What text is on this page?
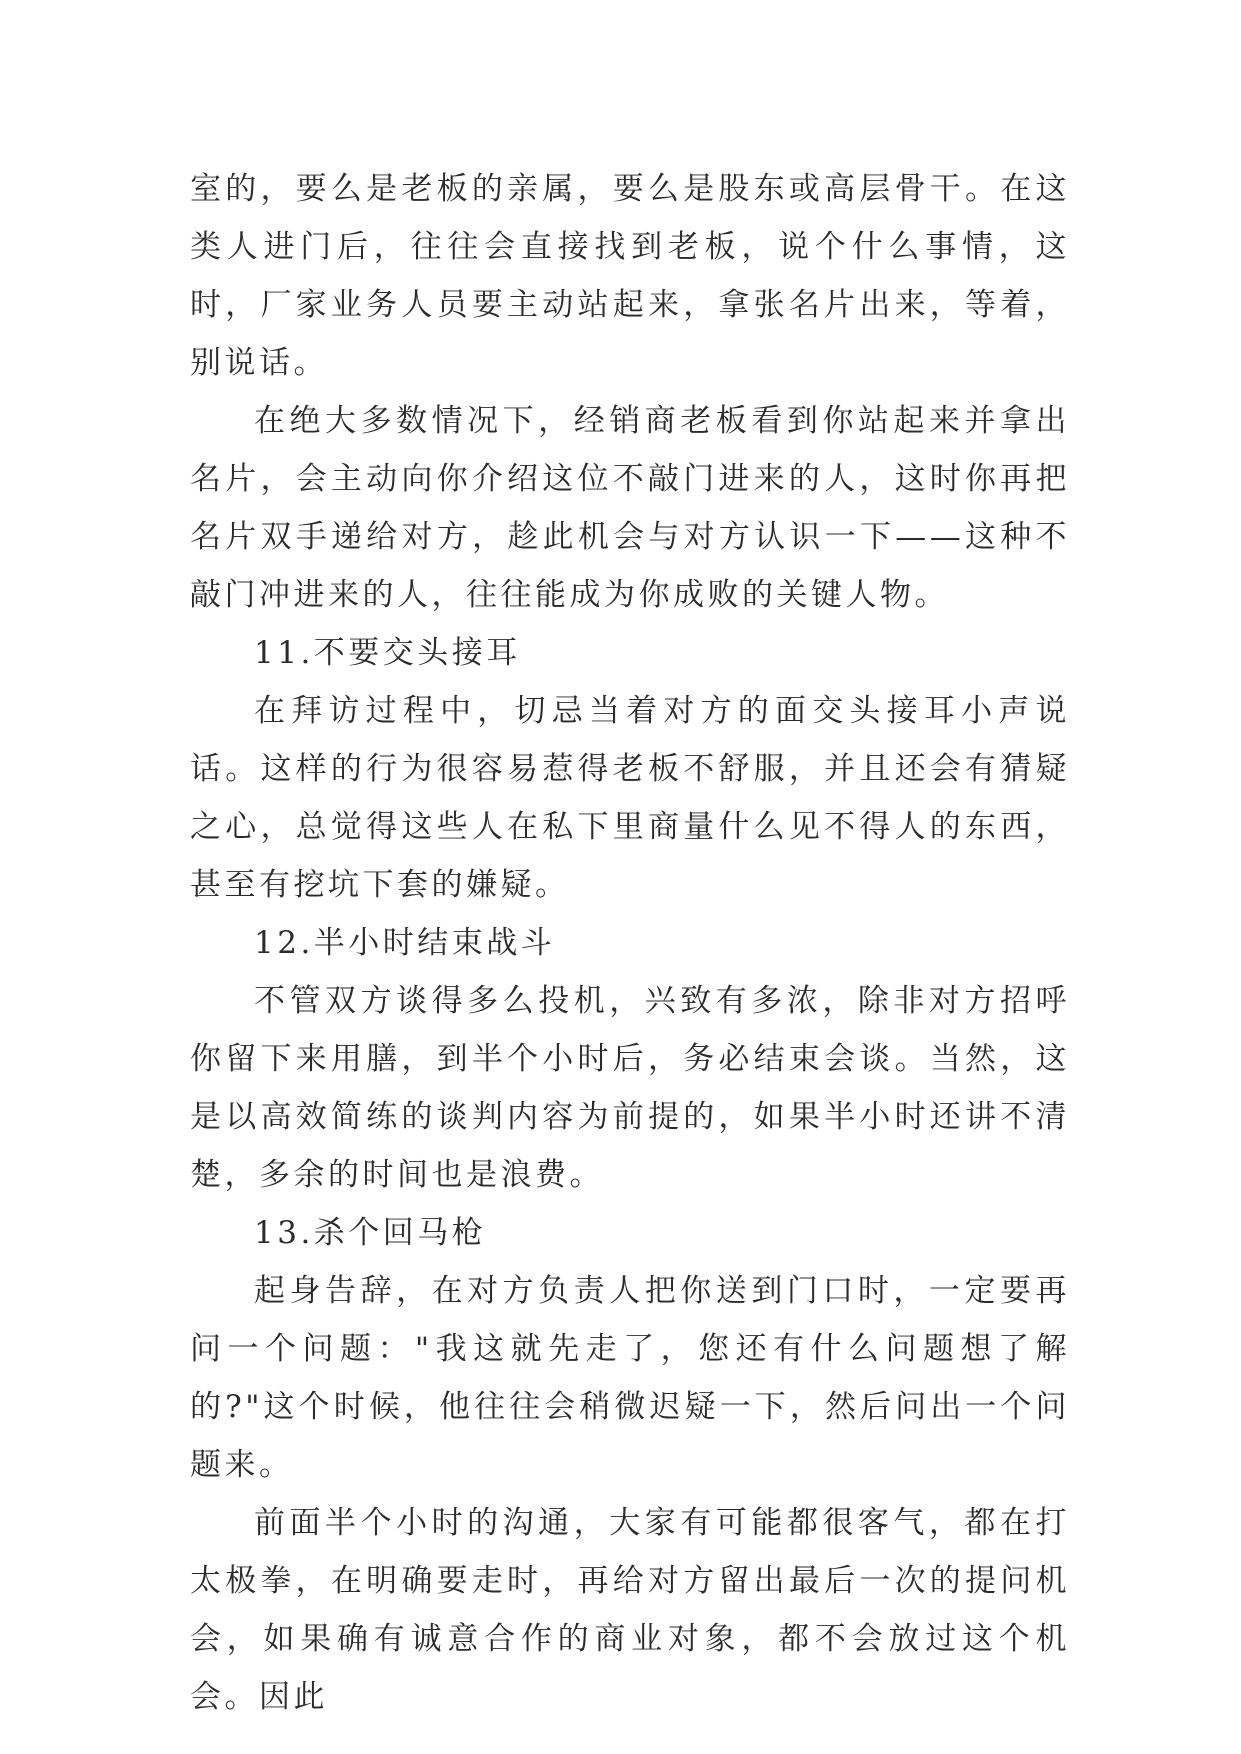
室的，要么是老板的亲属，要么是股东或高层骨干。在这类人进门后，往往会直接找到老板，说个什么事情，这时，厂家业务人员要主动站起来，拿张名片出来，等着，别说话。

在绝大多数情况下，经销商老板看到你站起来并拿出名片，会主动向你介绍这位不敲门进来的人，这时你再把名片双手递给对方，趁此机会与对方认识一下——这种不敲门冲进来的人，往往能成为你成败的关键人物。

11.不要交头接耳

在拜访过程中，切忌当着对方的面交头接耳小声说话。这样的行为很容易惹得老板不舒服，并且还会有猜疑之心，总觉得这些人在私下里商量什么见不得人的东西，甚至有挖坑下套的嫌疑。

12.半小时结束战斗

不管双方谈得多么投机，兴致有多浓，除非对方招呼你留下来用膳，到半个小时后，务必结束会谈。当然，这是以高效简练的谈判内容为前提的，如果半小时还讲不清楚，多余的时间也是浪费。

13.杀个回马枪

起身告辞，在对方负责人把你送到门口时，一定要再问一个问题："我这就先走了，您还有什么问题想了解的?"这个时候，他往往会稍微迟疑一下，然后问出一个问题来。

前面半个小时的沟通，大家有可能都很客气，都在打太极拳，在明确要走时，再给对方留出最后一次的提问机会，如果确有诚意合作的商业对象，都不会放过这个机会。因此
